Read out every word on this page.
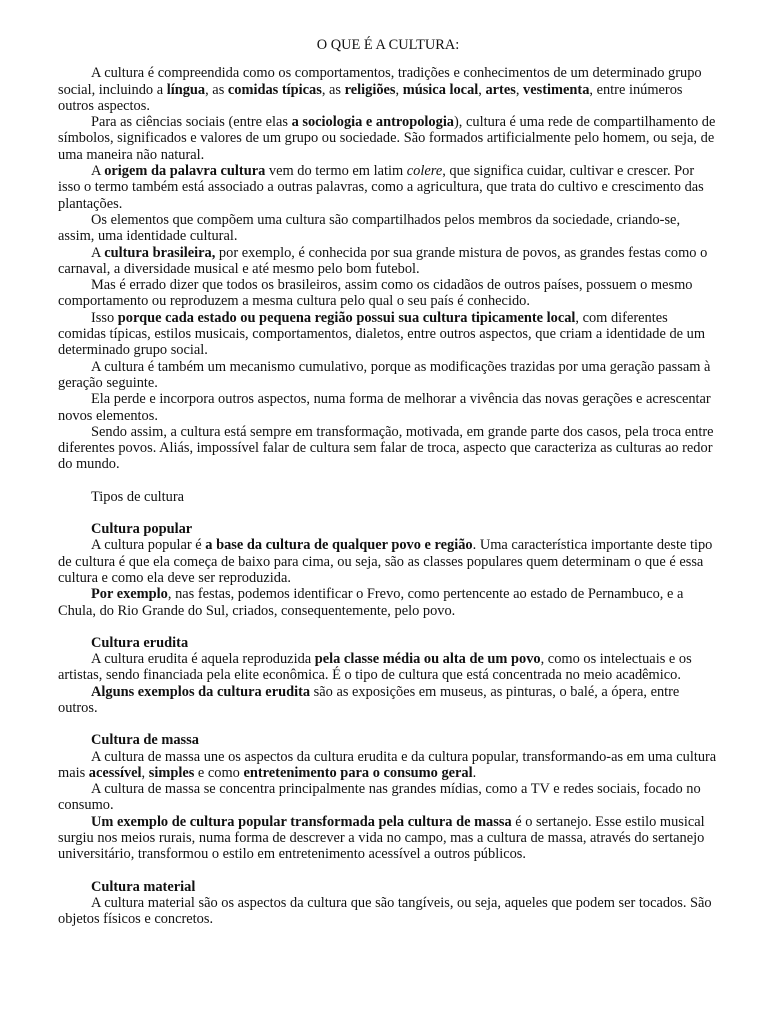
O QUE É A CULTURA:

A cultura é compreendida como os comportamentos, tradições e conhecimentos de um determinado grupo social, incluindo a língua, as comidas típicas, as religiões, música local, artes, vestimenta, entre inúmeros outros aspectos.

Para as ciências sociais (entre elas a sociologia e antropologia), cultura é uma rede de compartilhamento de símbolos, significados e valores de um grupo ou sociedade. São formados artificialmente pelo homem, ou seja, de uma maneira não natural.

A origem da palavra cultura vem do termo em latim colere, que significa cuidar, cultivar e crescer. Por isso o termo também está associado a outras palavras, como a agricultura, que trata do cultivo e crescimento das plantações.

Os elementos que compõem uma cultura são compartilhados pelos membros da sociedade, criando-se, assim, uma identidade cultural.

A cultura brasileira, por exemplo, é conhecida por sua grande mistura de povos, as grandes festas como o carnaval, a diversidade musical e até mesmo pelo bom futebol.

Mas é errado dizer que todos os brasileiros, assim como os cidadãos de outros países, possuem o mesmo comportamento ou reproduzem a mesma cultura pelo qual o seu país é conhecido.

Isso porque cada estado ou pequena região possui sua cultura tipicamente local, com diferentes comidas típicas, estilos musicais, comportamentos, dialetos, entre outros aspectos, que criam a identidade de um determinado grupo social.

A cultura é também um mecanismo cumulativo, porque as modificações trazidas por uma geração passam à geração seguinte.

Ela perde e incorpora outros aspectos, numa forma de melhorar a vivência das novas gerações e acrescentar novos elementos.

Sendo assim, a cultura está sempre em transformação, motivada, em grande parte dos casos, pela troca entre diferentes povos. Aliás, impossível falar de cultura sem falar de troca, aspecto que caracteriza as culturas ao redor do mundo.

Tipos de cultura

Cultura popular

A cultura popular é a base da cultura de qualquer povo e região. Uma característica importante deste tipo de cultura é que ela começa de baixo para cima, ou seja, são as classes populares quem determinam o que é essa cultura e como ela deve ser reproduzida.

Por exemplo, nas festas, podemos identificar o Frevo, como pertencente ao estado de Pernambuco, e a Chula, do Rio Grande do Sul, criados, consequentemente, pelo povo.

Cultura erudita

A cultura erudita é aquela reproduzida pela classe média ou alta de um povo, como os intelectuais e os artistas, sendo financiada pela elite econômica. É o tipo de cultura que está concentrada no meio acadêmico.

Alguns exemplos da cultura erudita são as exposições em museus, as pinturas, o balé, a ópera, entre outros.

Cultura de massa

A cultura de massa une os aspectos da cultura erudita e da cultura popular, transformando-as em uma cultura mais acessível, simples e como entretenimento para o consumo geral.

A cultura de massa se concentra principalmente nas grandes mídias, como a TV e redes sociais, focado no consumo.

Um exemplo de cultura popular transformada pela cultura de massa é o sertanejo. Esse estilo musical surgiu nos meios rurais, numa forma de descrever a vida no campo, mas a cultura de massa, através do sertanejo universitário, transformou o estilo em entretenimento acessível a outros públicos.

Cultura material

A cultura material são os aspectos da cultura que são tangíveis, ou seja, aqueles que podem ser tocados. São objetos físicos e concretos.
